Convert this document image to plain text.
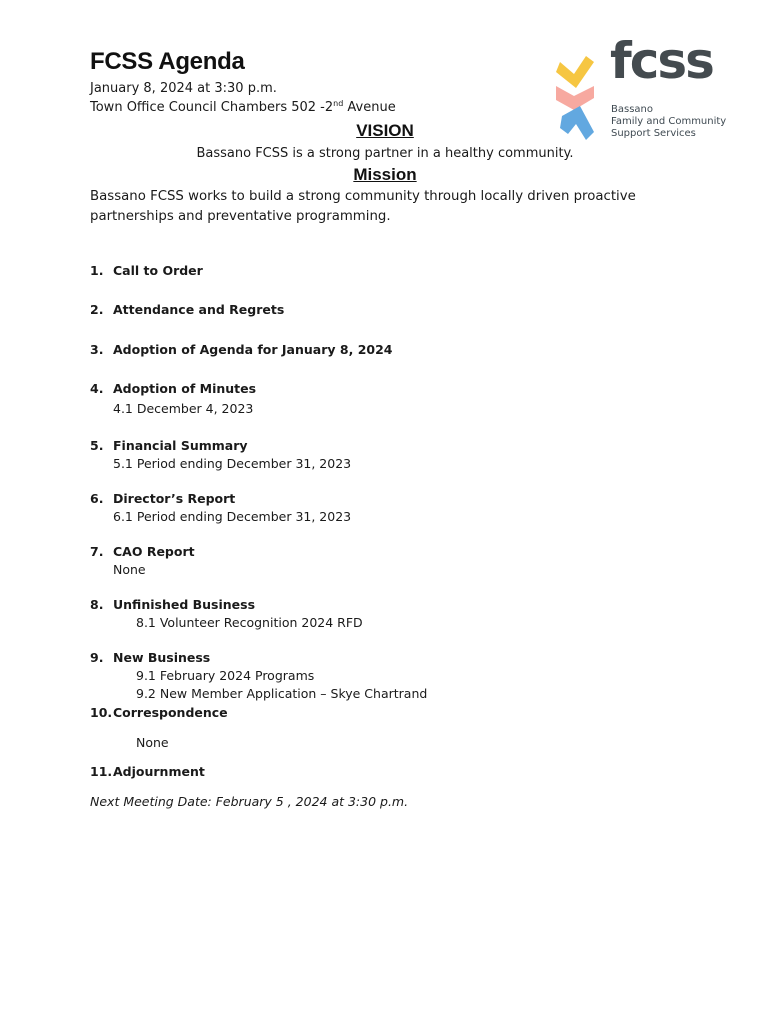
FCSS Agenda
January 8, 2024 at 3:30 p.m.
Town Office Council Chambers 502 -2nd Avenue
fcss
Bassano
Family and Community
Support Services
VISION
Bassano FCSS is a strong partner in a healthy community.
Mission
Bassano FCSS works to build a strong community through locally driven proactive partnerships and preventative programming.
1. Call to Order
2. Attendance and Regrets
3. Adoption of Agenda for January 8, 2024
4. Adoption of Minutes
4.1 December 4, 2023
5. Financial Summary
5.1 Period ending December 31, 2023
6. Director’s Report
6.1 Period ending December 31, 2023
7. CAO Report
None
8. Unfinished Business
8.1 Volunteer Recognition 2024 RFD
9. New Business
9.1 February 2024 Programs
9.2 New Member Application – Skye Chartrand
10.Correspondence
None
11.Adjournment
Next Meeting Date: February 5 , 2024 at 3:30 p.m.
